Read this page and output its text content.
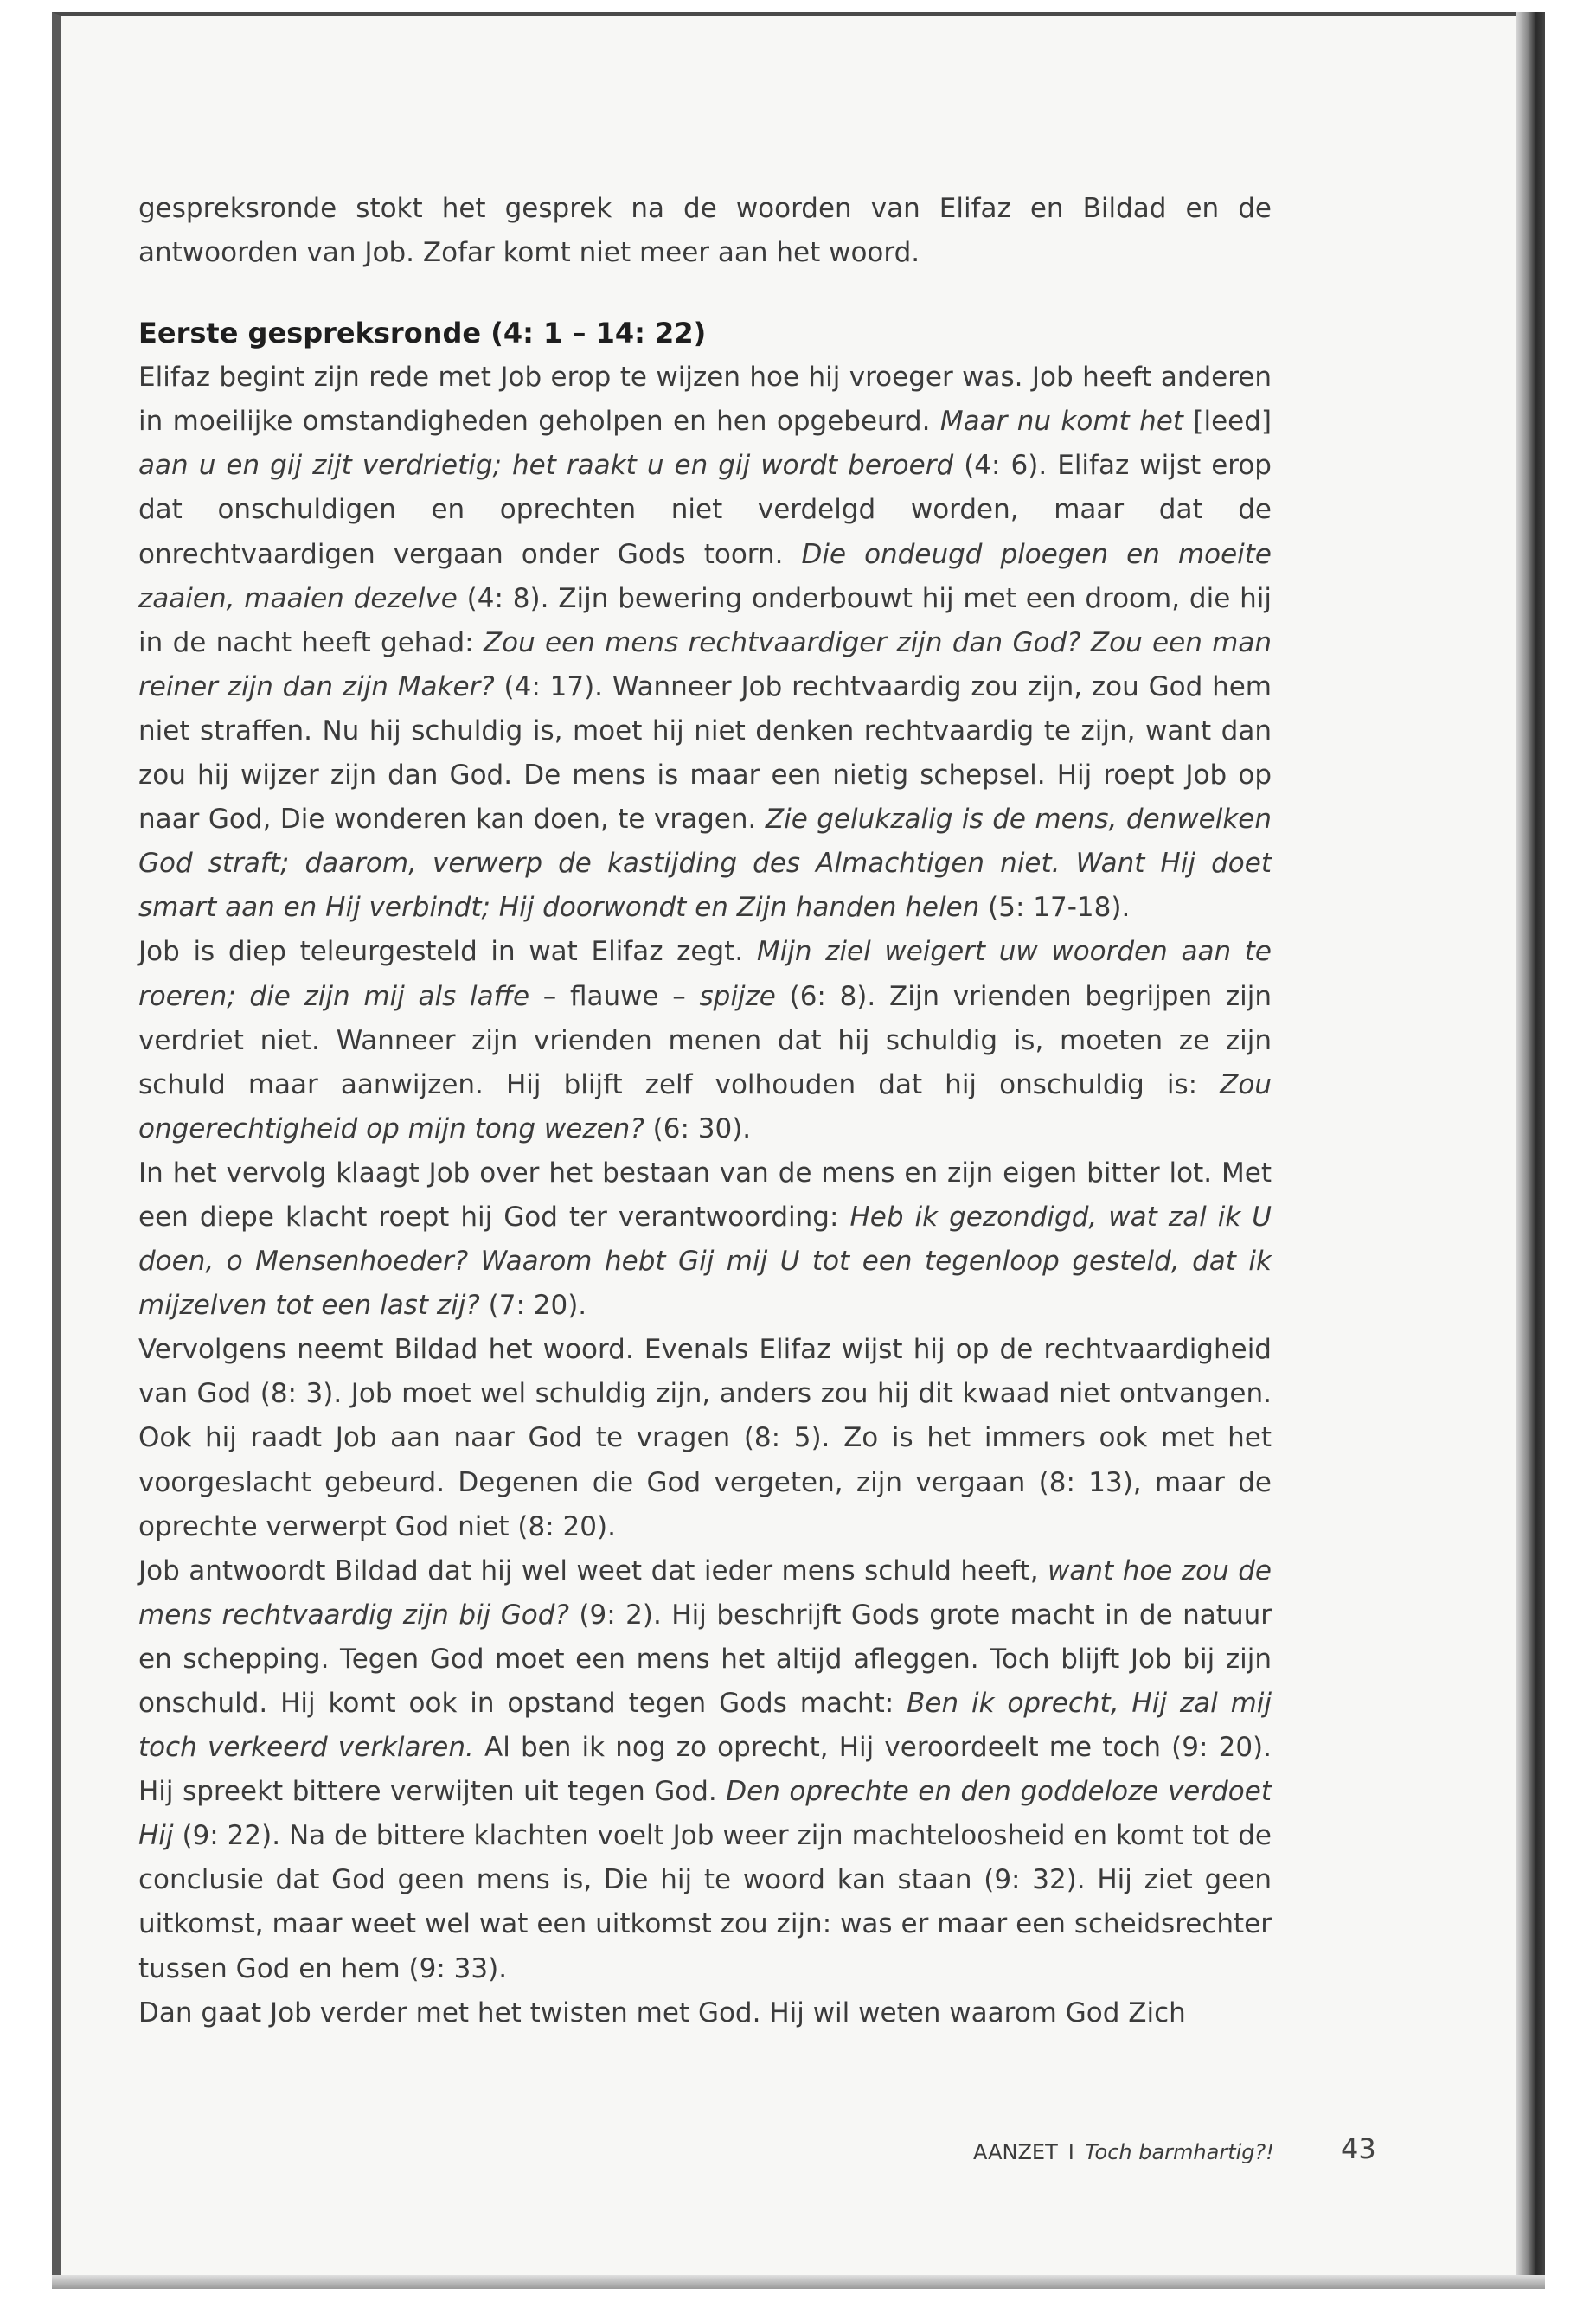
gespreksronde stokt het gesprek na de woorden van Elifaz en Bildad en de antwoorden van Job. Zofar komt niet meer aan het woord.

Eerste gespreksronde (4: 1 – 14: 22)

Elifaz begint zijn rede met Job erop te wijzen hoe hij vroeger was. Job heeft anderen in moeilijke omstandigheden geholpen en hen opgebeurd. Maar nu komt het [leed] aan u en gij zijt verdrietig; het raakt u en gij wordt beroerd (4: 6). Elifaz wijst erop dat onschuldigen en oprechten niet verdelgd worden, maar dat de onrechtvaardigen vergaan onder Gods toorn. Die ondeugd ploegen en moeite zaaien, maaien dezelve (4: 8). Zijn bewering onderbouwt hij met een droom, die hij in de nacht heeft gehad: Zou een mens rechtvaardiger zijn dan God? Zou een man reiner zijn dan zijn Maker? (4: 17). Wanneer Job rechtvaardig zou zijn, zou God hem niet straffen. Nu hij schuldig is, moet hij niet denken rechtvaardig te zijn, want dan zou hij wijzer zijn dan God. De mens is maar een nietig schepsel. Hij roept Job op naar God, Die wonderen kan doen, te vragen. Zie gelukzalig is de mens, denwelken God straft; daarom, verwerp de kastijding des Almachtigen niet. Want Hij doet smart aan en Hij verbindt; Hij doorwondt en Zijn handen helen (5: 17-18).

Job is diep teleurgesteld in wat Elifaz zegt. Mijn ziel weigert uw woorden aan te roeren; die zijn mij als laffe – flauwe – spijze (6: 8). Zijn vrienden begrijpen zijn verdriet niet. Wanneer zijn vrienden menen dat hij schuldig is, moeten ze zijn schuld maar aanwijzen. Hij blijft zelf volhouden dat hij onschuldig is: Zou ongerechtigheid op mijn tong wezen? (6: 30).

In het vervolg klaagt Job over het bestaan van de mens en zijn eigen bitter lot. Met een diepe klacht roept hij God ter verantwoording: Heb ik gezondigd, wat zal ik U doen, o Mensenhoeder? Waarom hebt Gij mij U tot een tegenloop gesteld, dat ik mijzelven tot een last zij? (7: 20).

Vervolgens neemt Bildad het woord. Evenals Elifaz wijst hij op de rechtvaardigheid van God (8: 3). Job moet wel schuldig zijn, anders zou hij dit kwaad niet ontvangen. Ook hij raadt Job aan naar God te vragen (8: 5). Zo is het immers ook met het voorgeslacht gebeurd. Degenen die God vergeten, zijn vergaan (8: 13), maar de oprechte verwerpt God niet (8: 20).

Job antwoordt Bildad dat hij wel weet dat ieder mens schuld heeft, want hoe zou de mens rechtvaardig zijn bij God? (9: 2). Hij beschrijft Gods grote macht in de natuur en schepping. Tegen God moet een mens het altijd afleggen. Toch blijft Job bij zijn onschuld. Hij komt ook in opstand tegen Gods macht: Ben ik oprecht, Hij zal mij toch verkeerd verklaren. Al ben ik nog zo oprecht, Hij veroordeelt me toch (9: 20). Hij spreekt bittere verwijten uit tegen God. Den oprechte en den goddeloze verdoet Hij (9: 22). Na de bittere klachten voelt Job weer zijn machteloosheid en komt tot de conclusie dat God geen mens is, Die hij te woord kan staan (9: 32). Hij ziet geen uitkomst, maar weet wel wat een uitkomst zou zijn: was er maar een scheidsrechter tussen God en hem (9: 33).

Dan gaat Job verder met het twisten met God. Hij wil weten waarom God Zich

AANZET I Toch barmhartig?! 43
